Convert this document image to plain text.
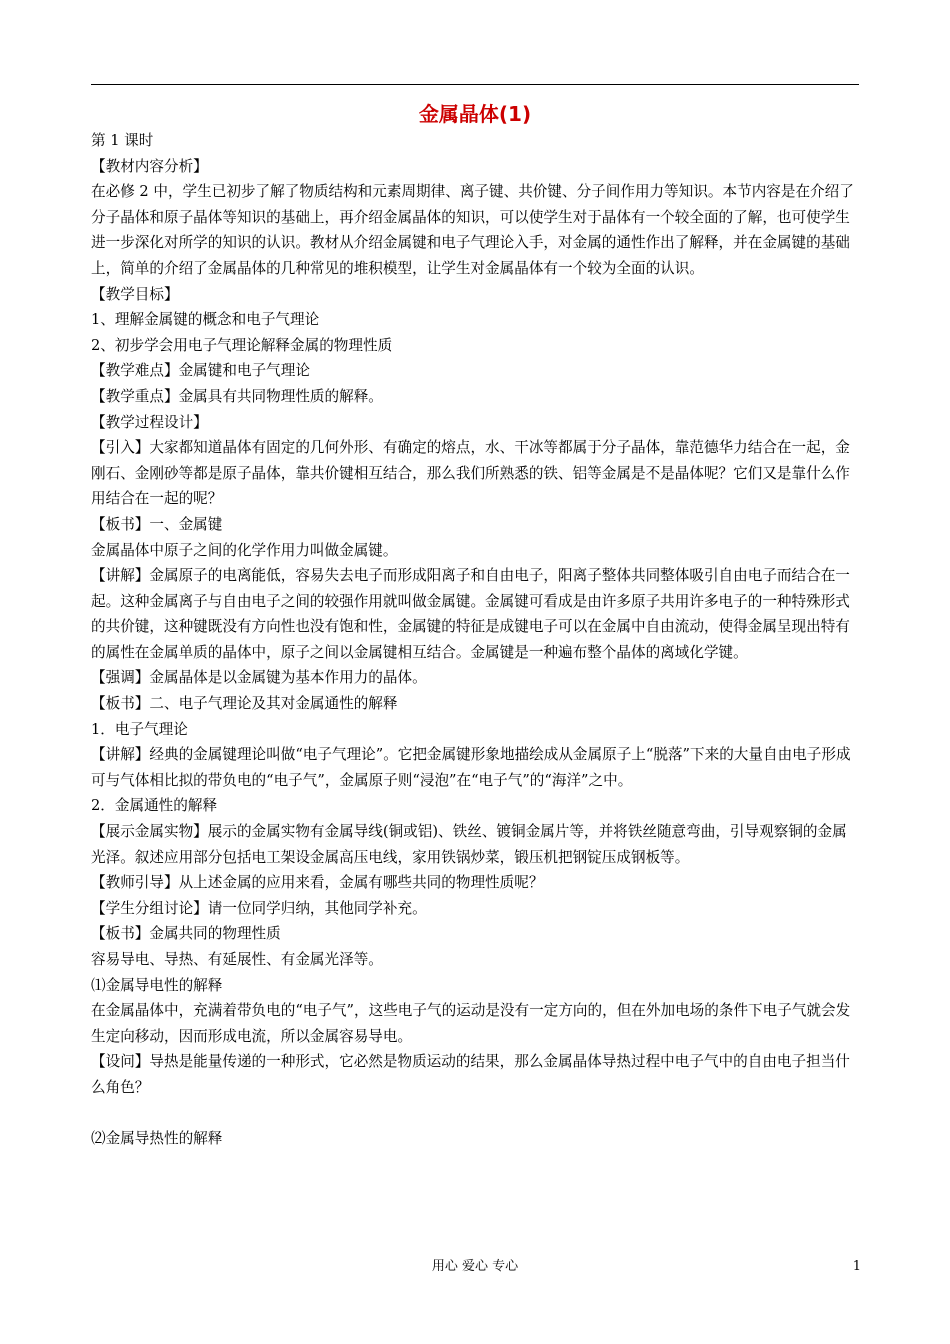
金属晶体(1)

第 1 课时

【教材内容分析】

在必修 2 中，学生已初步了解了物质结构和元素周期律、离子键、共价键、分子间作用力等知识。本节内容是在介绍了分子晶体和原子晶体等知识的基础上，再介绍金属晶体的知识，可以使学生对于晶体有一个较全面的了解，也可使学生进一步深化对所学的知识的认识。教材从介绍金属键和电子气理论入手，对金属的通性作出了解释，并在金属键的基础上，简单的介绍了金属晶体的几种常见的堆积模型，让学生对金属晶体有一个较为全面的认识。

【教学目标】

1、理解金属键的概念和电子气理论

2、初步学会用电子气理论解释金属的物理性质

【教学难点】金属键和电子气理论

【教学重点】金属具有共同物理性质的解释。

【教学过程设计】

【引入】大家都知道晶体有固定的几何外形、有确定的熔点，水、干冰等都属于分子晶体，靠范德华力结合在一起，金刚石、金刚砂等都是原子晶体，靠共价键相互结合，那么我们所熟悉的铁、铝等金属是不是晶体呢？它们又是靠什么作用结合在一起的呢？

【板书】一、金属键

金属晶体中原子之间的化学作用力叫做金属键。

【讲解】金属原子的电离能低，容易失去电子而形成阳离子和自由电子，阳离子整体共同整体吸引自由电子而结合在一起。这种金属离子与自由电子之间的较强作用就叫做金属键。金属键可看成是由许多原子共用许多电子的一种特殊形式的共价键，这种键既没有方向性也没有饱和性，金属键的特征是成键电子可以在金属中自由流动，使得金属呈现出特有的属性在金属单质的晶体中，原子之间以金属键相互结合。金属键是一种遍布整个晶体的离域化学键。

【强调】金属晶体是以金属键为基本作用力的晶体。

【板书】二、电子气理论及其对金属通性的解释

1．电子气理论

【讲解】经典的金属键理论叫做“电子气理论”。它把金属键形象地描绘成从金属原子上“脱落”下来的大量自由电子形成可与气体相比拟的带负电的“电子气”，金属原子则“浸泡”在“电子气”的“海洋”之中。

2．金属通性的解释

【展示金属实物】展示的金属实物有金属导线(铜或铝)、铁丝、镀铜金属片等，并将铁丝随意弯曲，引导观察铜的金属光泽。叙述应用部分包括电工架设金属高压电线，家用铁锅炒菜，锻压机把钢锭压成钢板等。

【教师引导】从上述金属的应用来看，金属有哪些共同的物理性质呢？

【学生分组讨论】请一位同学归纳，其他同学补充。

【板书】金属共同的物理性质

容易导电、导热、有延展性、有金属光泽等。

⑴金属导电性的解释

在金属晶体中，充满着带负电的“电子气”，这些电子气的运动是没有一定方向的，但在外加电场的条件下电子气就会发生定向移动，因而形成电流，所以金属容易导电。

【设问】导热是能量传递的一种形式，它必然是物质运动的结果，那么金属晶体导热过程中电子气中的自由电子担当什么角色？

⑵金属导热性的解释

用心 爱心 专心	1
